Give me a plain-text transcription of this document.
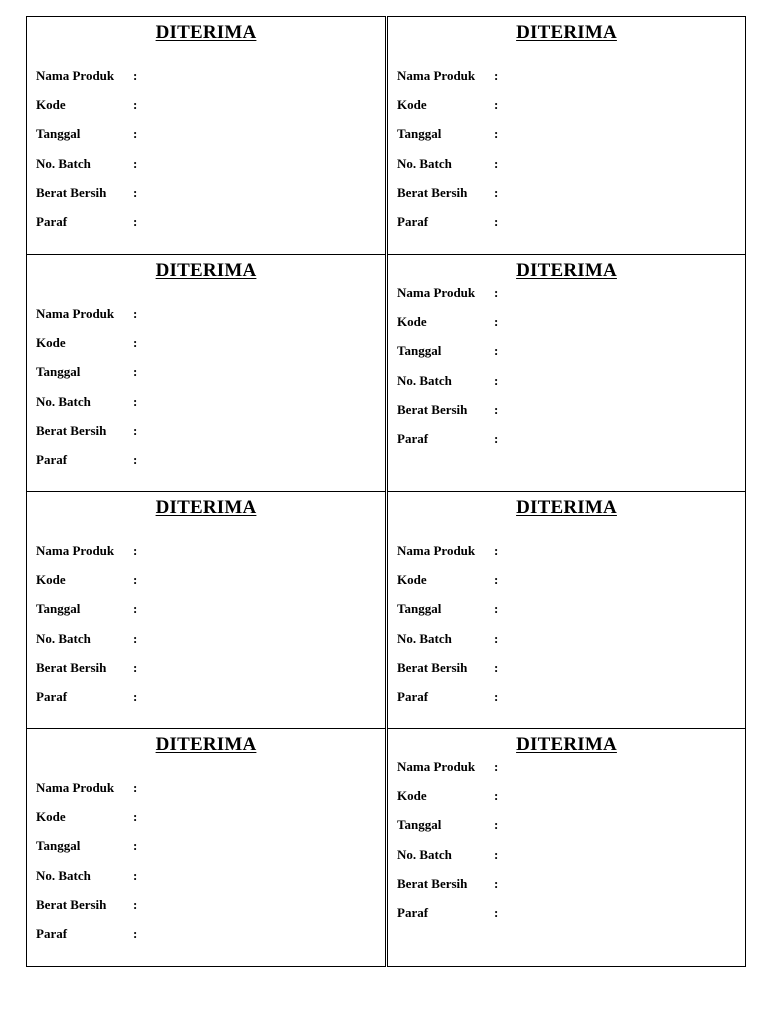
DITERIMA
Nama Produk :
Kode	:
Tanggal	:
No. Batch	:
Berat Bersih :
Paraf	:
DITERIMA
Nama Produk :
Kode	:
Tanggal	:
No. Batch	:
Berat Bersih :
Paraf	:
DITERIMA
Nama Produk :
Kode	:
Tanggal	:
No. Batch	:
Berat Bersih :
Paraf	:
DITERIMA
Nama Produk :
Kode	:
Tanggal	:
No. Batch	:
Berat Bersih :
Paraf	:
DITERIMA
Nama Produk :
Kode	:
Tanggal	:
No. Batch	:
Berat Bersih :
Paraf	:
DITERIMA
Nama Produk :
Kode	:
Tanggal	:
No. Batch	:
Berat Bersih :
Paraf	:
DITERIMA
Nama Produk :
Kode	:
Tanggal	:
No. Batch	:
Berat Bersih :
Paraf	:
DITERIMA
Nama Produk :
Kode	:
Tanggal	:
No. Batch	:
Berat Bersih :
Paraf	:
